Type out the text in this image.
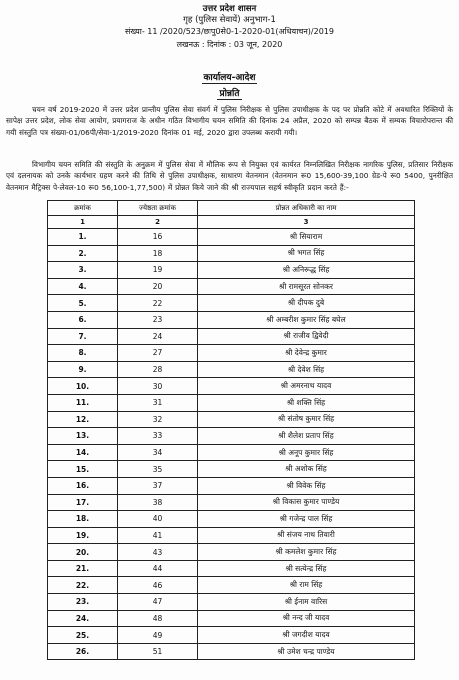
उत्तर प्रदेश शासन
गृह (पुलिस सेवायें) अनुभाग-1
संख्या- 11 /2020/523/छःपु0से0-1-2020-01(अधियाचन)/2019
लखनऊ : दिनांक : 03 जून, 2020
कार्यालय-आदेश
प्रोन्नति

चयन वर्ष 2019-2020 में उत्तर प्रदेश प्रान्तीय पुलिस सेवा संवर्ग में पुलिस निरीक्षक से पुलिस उपाधीक्षक के पद पर प्रोन्नति कोटे में अवधारित रिक्तियों के सापेक्ष उत्तर प्रदेश, लोक सेवा आयोग, प्रयागराज के अधीन गठित विभागीय चयन समिति की दिनांक 24 अप्रैल, 2020 को सम्पन्न बैठक में सम्यक विचारोपरान्त की गयी संस्तुति पत्र संख्या-01/06पी/सेवा-1/2019-2020 दिनांक 01 मई, 2020 द्वारा उपलब्ध करायी गयी।

विभागीय चयन समिति की संस्तुति के अनुक्रम में पुलिस सेवा में मौलिक रूप से नियुक्त एवं कार्यरत निम्नलिखित निरीक्षक नागरिक पुलिस, प्रतिसार निरीक्षक एवं दलनायक को उनके कार्यभार ग्रहण करने की तिथि से पुलिस उपाधीक्षक, साधारण वेतनमान (वेतनमान रू0 15,600-39,100 ग्रेड-पे रू0 5400, पुनरीक्षित वेतनमान मैट्रिक्स पे-लेवल-10 रू0 56,100-1,77,500) में प्रोन्नत किये जाने की श्री राज्यपाल सहर्ष स्वीकृति प्रदान करते हैं:-

क्रमांक	ज्येष्ठता क्रमांक	प्रोन्नत अधिकारी का नाम
1	2	3
1.	16	श्री सियाराम
2.	18	श्री भगत सिंह
3.	19	श्री अनिरूद्ध सिंह
4.	20	श्री रामसूरत सोनकर
5.	22	श्री दीपक दुबे
6.	23	श्री अम्बरीश कुमार सिंह बघेल
7.	24	श्री राजीव द्विवेदी
8.	27	श्री देवेन्द्र कुमार
9.	28	श्री देवेश सिंह
10.	30	श्री अमरनाथ यादव
11.	31	श्री शक्ति सिंह
12.	32	श्री संतोष कुमार सिंह
13.	33	श्री शैलेश प्रताप सिंह
14.	34	श्री अनूप कुमार सिंह
15.	35	श्री अशोक सिंह
16.	37	श्री विवेक सिंह
17.	38	श्री विकास कुमार पाण्डेय
18.	40	श्री गजेन्द्र पाल सिंह
19.	41	श्री संजय नाथ तिवारी
20.	43	श्री कमलेश कुमार सिंह
21.	44	श्री सत्येन्द्र सिंह
22.	46	श्री राम सिंह
23.	47	श्री ईनाम वारिस
24.	48	श्री नन्द जी यादव
25.	49	श्री जगदीश यादव
26.	51	श्री उमेश चन्द्र पाण्डेय
